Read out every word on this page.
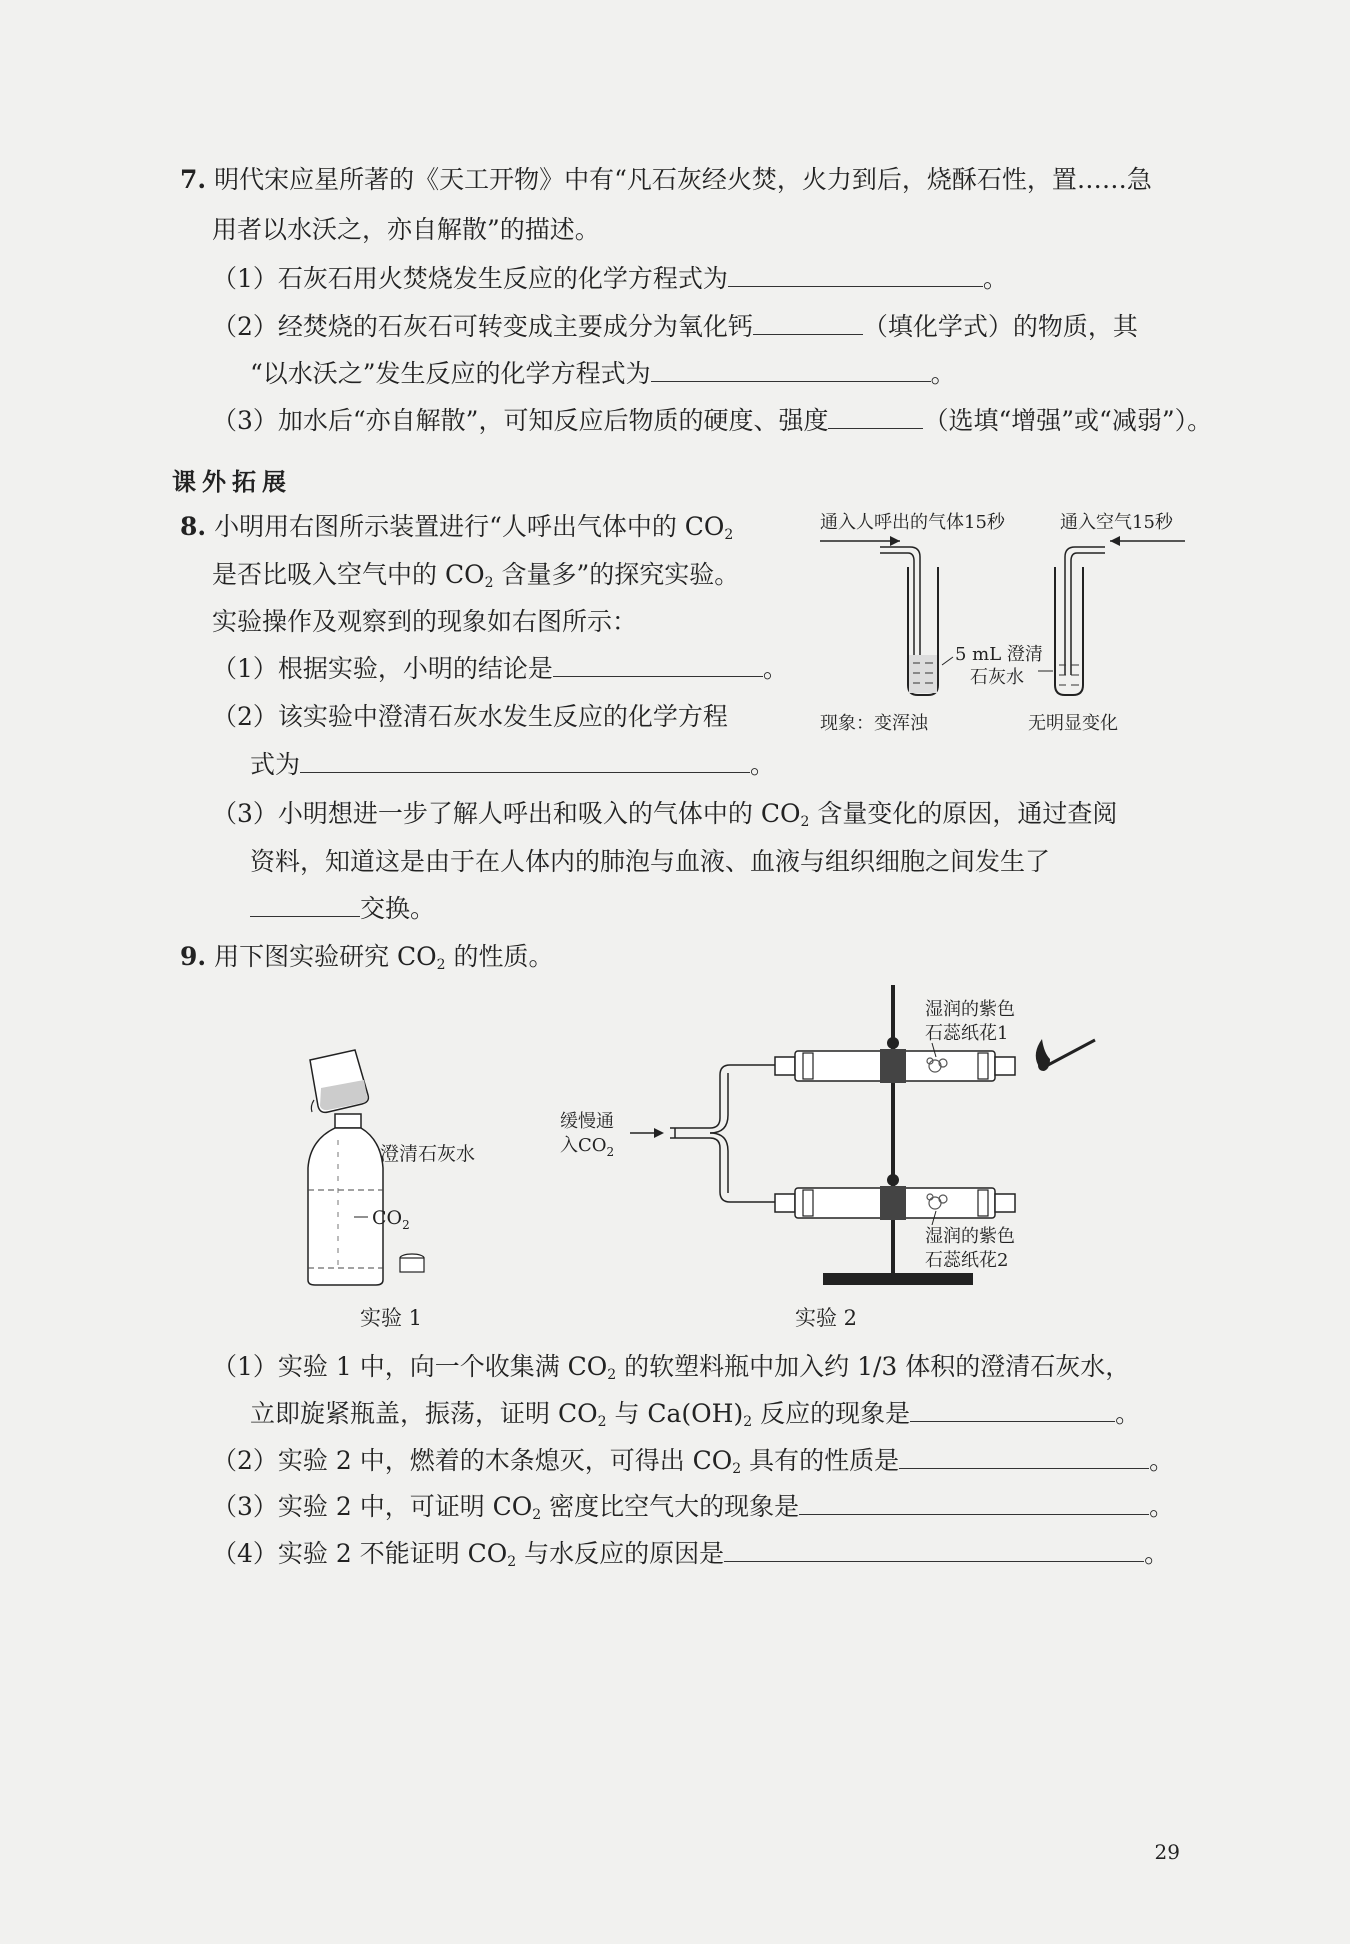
7. 明代宋应星所著的《天工开物》中有“凡石灰经火焚，火力到后，烧酥石性，置……急
用者以水沃之，亦自解散”的描述。
（1）石灰石用火焚烧发生反应的化学方程式为	。
（2）经焚烧的石灰石可转变成主要成分为氧化钙	（填化学式）的物质，其
“以水沃之”发生反应的化学方程式为	。
（3）加水后“亦自解散”，可知反应后物质的硬度、强度	（选填“增强”或“减弱”）。
课外拓展
8. 小明用右图所示装置进行“人呼出气体中的 $CO_2$
是否比吸入空气中的 $CO_2$ 含量多”的探究实验。
实验操作及观察到的现象如右图所示：
（1）根据实验，小明的结论是	。
（2）该实验中澄清石灰水发生反应的化学方程
式为	。
（3）小明想进一步了解人呼出和吸入的气体中的 $CO_2$ 含量变化的原因，通过查阅
资料，知道这是由于在人体内的肺泡与血液、血液与组织细胞之间发生了
交换。
通入人呼出的气体15秒	通入空气15秒
5 mL 澄清
石灰水
现象：变浑浊	无明显变化
9. 用下图实验研究 $CO_2$ 的性质。
澄清石灰水
$CO_2$
实验 1
缓慢通
入$CO_2$
湿润的紫色
石蕊纸花1
湿润的紫色
石蕊纸花2
实验 2
（1）实验 1 中，向一个收集满 $CO_2$ 的软塑料瓶中加入约 1/3 体积的澄清石灰水，
立即旋紧瓶盖，振荡，证明 $CO_2$ 与 $Ca(OH)_2$ 反应的现象是	。
（2）实验 2 中，燃着的木条熄灭，可得出 $CO_2$ 具有的性质是	。
（3）实验 2 中，可证明 $CO_2$ 密度比空气大的现象是	。
（4）实验 2 不能证明 $CO_2$ 与水反应的原因是	。
29
